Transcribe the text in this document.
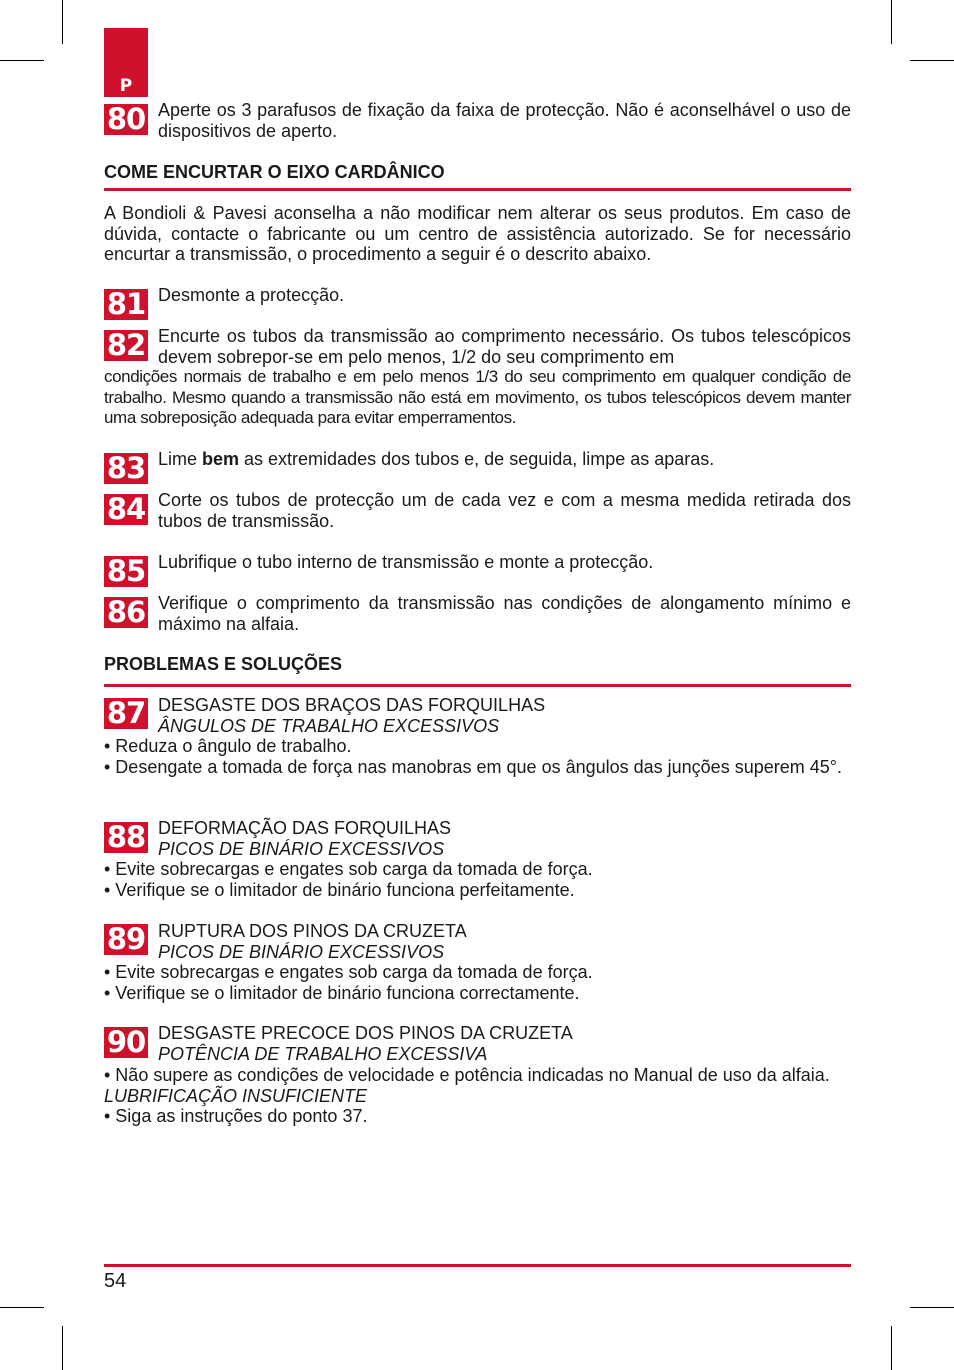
P
80 Aperte os 3 parafusos de fixação da faixa de protecção. Não é aconselhável o uso de dispositivos de aperto.

COME ENCURTAR O EIXO CARDÂNICO

A Bondioli & Pavesi aconselha a não modificar nem alterar os seus produtos. Em caso de dúvida, contacte o fabricante ou um centro de assistência autorizado. Se for necessário encurtar a transmissão, o procedimento a seguir é o descrito abaixo.

81 Desmonte a protecção.

82 Encurte os tubos da transmissão ao comprimento necessário. Os tubos telescópicos devem sobrepor-se em pelo menos, 1/2 do seu comprimento em

condições normais de trabalho e em pelo menos 1/3 do seu comprimento em qualquer condição de trabalho. Mesmo quando a transmissão não está em movimento, os tubos telescópicos devem manter uma sobreposição adequada para evitar emperramentos.

83 Lime bem as extremidades dos tubos e, de seguida, limpe as aparas.

84 Corte os tubos de protecção um de cada vez e com a mesma medida retirada dos tubos de transmissão.

85 Lubrifique o tubo interno de transmissão e monte a protecção.

86 Verifique o comprimento da transmissão nas condições de alongamento mínimo e máximo na alfaia.

PROBLEMAS E SOLUÇÕES
87 DESGASTE DOS BRAÇOS DAS FORQUILHAS
ÂNGULOS DE TRABALHO EXCESSIVOS
• Reduza o ângulo de trabalho.
• Desengate a tomada de força nas manobras em que os ângulos das junções superem 45°.
88 DEFORMAÇÃO DAS FORQUILHAS
PICOS DE BINÁRIO EXCESSIVOS
• Evite sobrecargas e engates sob carga da tomada de força.
• Verifique se o limitador de binário funciona perfeitamente.
89 RUPTURA DOS PINOS DA CRUZETA
PICOS DE BINÁRIO EXCESSIVOS
• Evite sobrecargas e engates sob carga da tomada de força.
• Verifique se o limitador de binário funciona correctamente.
90 DESGASTE PRECOCE DOS PINOS DA CRUZETA
POTÊNCIA DE TRABALHO EXCESSIVA
• Não supere as condições de velocidade e potência indicadas no Manual de uso da alfaia.
LUBRIFICAÇÃO INSUFICIENTE
• Siga as instruções do ponto 37.
54
